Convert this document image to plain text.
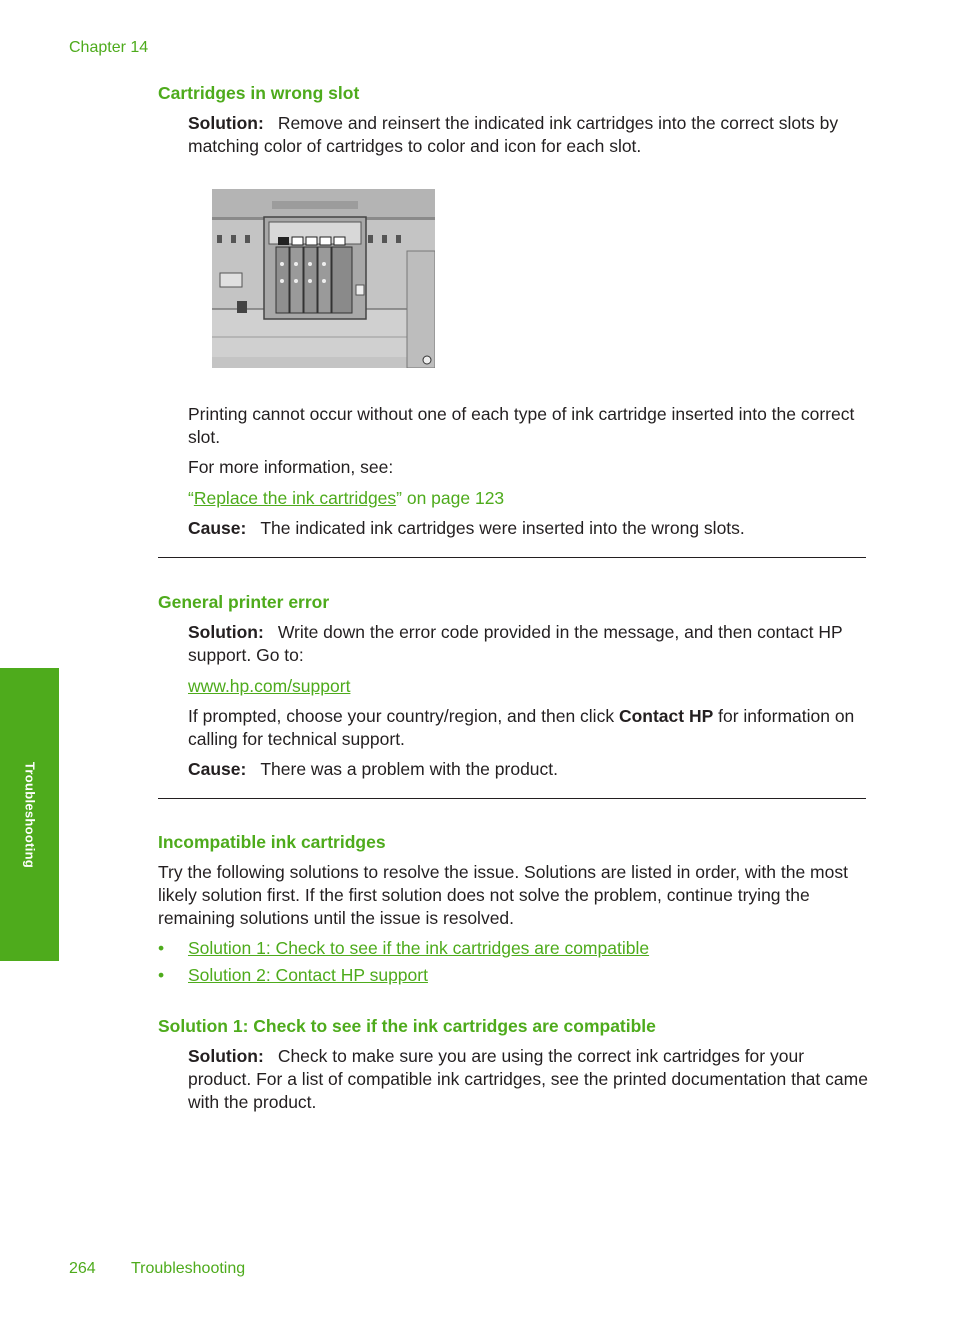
Chapter 14
Cartridges in wrong slot

Solution: Remove and reinsert the indicated ink cartridges into the correct slots by matching color of cartridges to color and icon for each slot.

Printing cannot occur without one of each type of ink cartridge inserted into the correct slot.

For more information, see:

“Replace the ink cartridges” on page 123

Cause: The indicated ink cartridges were inserted into the wrong slots.

General printer error

Solution: Write down the error code provided in the message, and then contact HP support. Go to:

www.hp.com/support

If prompted, choose your country/region, and then click Contact HP for information on calling for technical support.

Cause: There was a problem with the product.

Incompatible ink cartridges

Try the following solutions to resolve the issue. Solutions are listed in order, with the most likely solution first. If the first solution does not solve the problem, continue trying the remaining solutions until the issue is resolved.

• Solution 1: Check to see if the ink cartridges are compatible

• Solution 2: Contact HP support

Solution 1: Check to see if the ink cartridges are compatible

Solution: Check to make sure you are using the correct ink cartridges for your product. For a list of compatible ink cartridges, see the printed documentation that came with the product.

Troubleshooting
264 Troubleshooting
